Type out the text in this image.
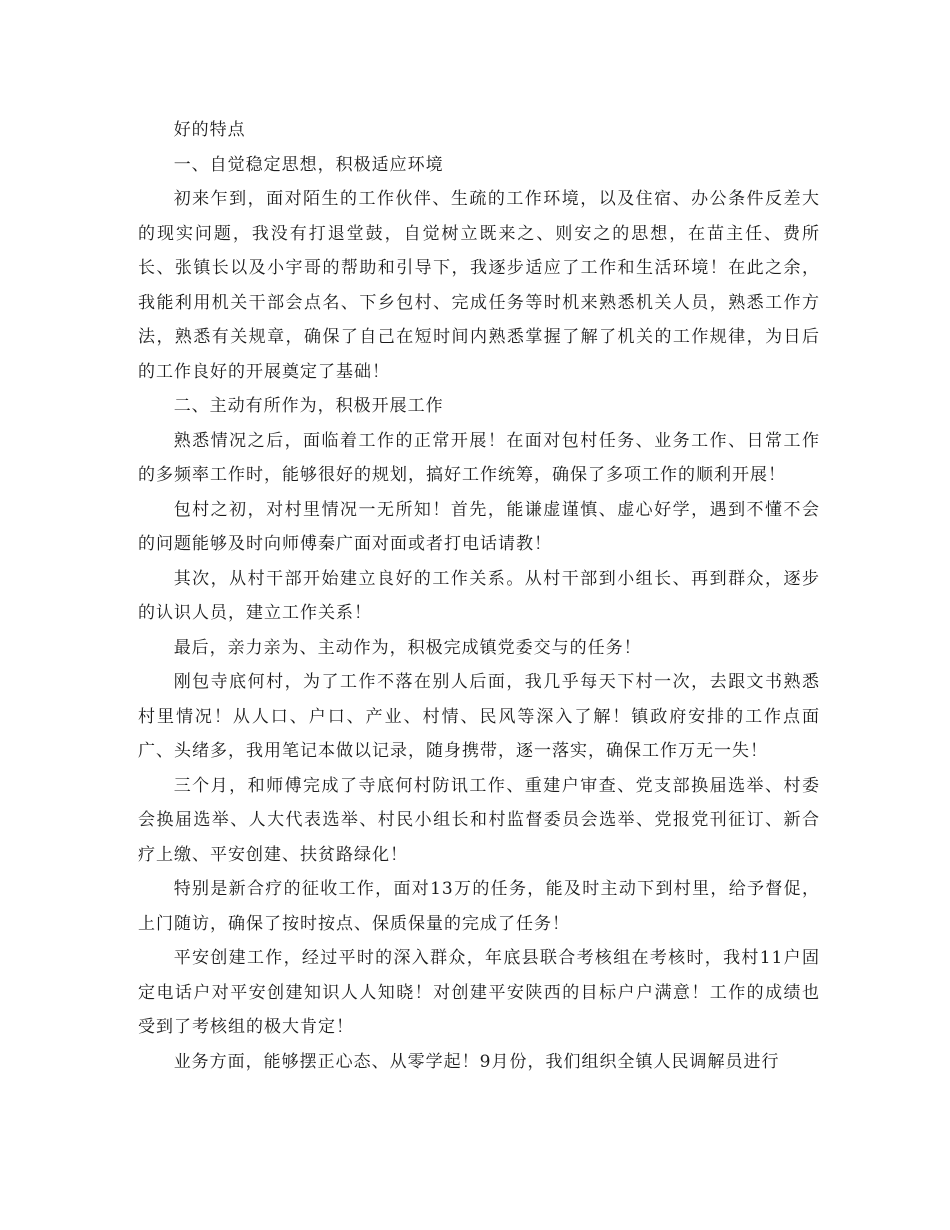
好的特点

一、自觉稳定思想，积极适应环境

初来乍到，面对陌生的工作伙伴、生疏的工作环境，以及住宿、办公条件反差大的现实问题，我没有打退堂鼓，自觉树立既来之、则安之的思想，在苗主任、费所长、张镇长以及小宇哥的帮助和引导下，我逐步适应了工作和生活环境！在此之余，我能利用机关干部会点名、下乡包村、完成任务等时机来熟悉机关人员，熟悉工作方法，熟悉有关规章，确保了自己在短时间内熟悉掌握了解了机关的工作规律，为日后的工作良好的开展奠定了基础！

二、主动有所作为，积极开展工作

熟悉情况之后，面临着工作的正常开展！在面对包村任务、业务工作、日常工作的多频率工作时，能够很好的规划，搞好工作统筹，确保了多项工作的顺利开展！

包村之初，对村里情况一无所知！首先，能谦虚谨慎、虚心好学，遇到不懂不会的问题能够及时向师傅秦广面对面或者打电话请教！

其次，从村干部开始建立良好的工作关系。从村干部到小组长、再到群众，逐步的认识人员，建立工作关系！

最后，亲力亲为、主动作为，积极完成镇党委交与的任务！

刚包寺底何村，为了工作不落在别人后面，我几乎每天下村一次，去跟文书熟悉村里情况！从人口、户口、产业、村情、民风等深入了解！镇政府安排的工作点面广、头绪多，我用笔记本做以记录，随身携带，逐一落实，确保工作万无一失！

三个月，和师傅完成了寺底何村防讯工作、重建户审查、党支部换届选举、村委会换届选举、人大代表选举、村民小组长和村监督委员会选举、党报党刊征订、新合疗上缴、平安创建、扶贫路绿化！

特别是新合疗的征收工作，面对13万的任务，能及时主动下到村里，给予督促，上门随访，确保了按时按点、保质保量的完成了任务！

平安创建工作，经过平时的深入群众，年底县联合考核组在考核时，我村11户固定电话户对平安创建知识人人知晓！对创建平安陕西的目标户户满意！工作的成绩也受到了考核组的极大肯定！

业务方面，能够摆正心态、从零学起！9月份，我们组织全镇人民调解员进行
